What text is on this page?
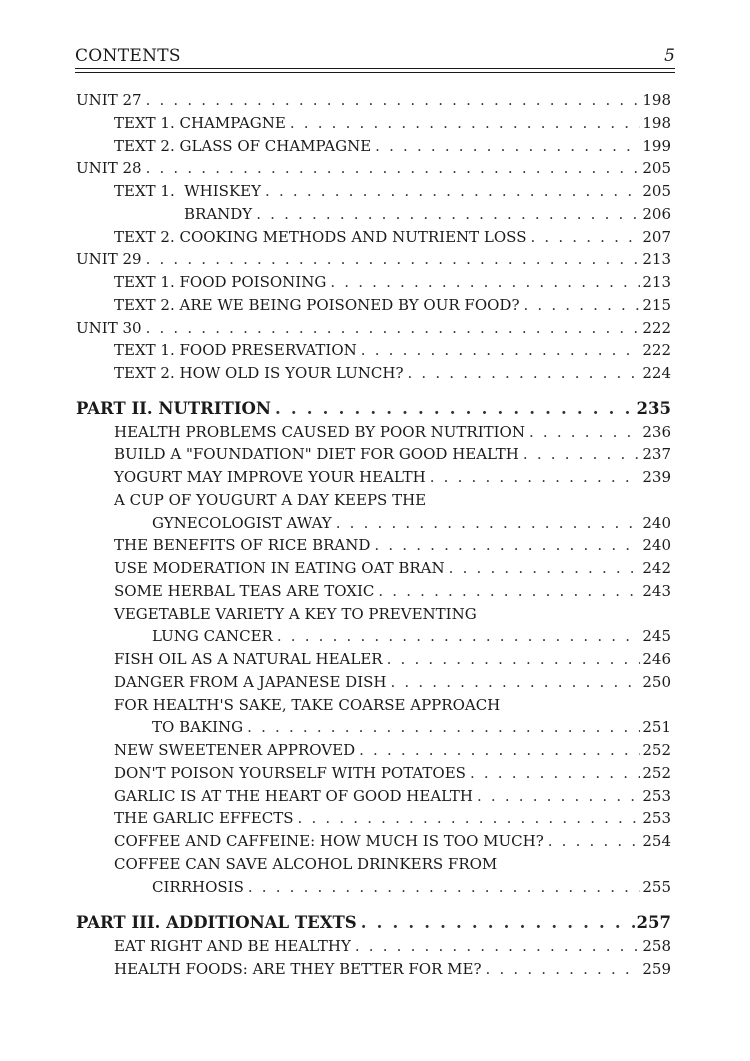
CONTENTS	5
UNIT 27 . . .	198
TEXT 1. CHAMPAGNE . . .	198
TEXT 2. GLASS OF CHAMPAGNE . . .	199
UNIT 28 . . .	205
TEXT 1.  WHISKEY . . .	205
BRANDY . . .	206
TEXT 2. COOKING METHODS AND NUTRIENT LOSS . . .	207
UNIT 29 . . .	213
TEXT 1. FOOD POISONING . . .	213
TEXT 2. ARE WE BEING POISONED BY OUR FOOD? . . .	215
UNIT 30 . . .	222
TEXT 1. FOOD PRESERVATION . . .	222
TEXT 2. HOW OLD IS YOUR LUNCH? . . .	224
PART II. NUTRITION . . .	235
HEALTH PROBLEMS CAUSED BY POOR NUTRITION . . .	236
BUILD A "FOUNDATION" DIET FOR GOOD HEALTH . . .	237
YOGURT MAY IMPROVE YOUR HEALTH . . .	239
A CUP OF YOUGURT A DAY KEEPS THE
GYNECOLOGIST AWAY . . .	240
THE BENEFITS OF RICE BRAND . . .	240
USE MODERATION IN EATING OAT BRAN . . .	242
SOME HERBAL TEAS ARE TOXIC . . .	243
VEGETABLE VARIETY A KEY TO PREVENTING
LUNG CANCER . . .	245
FISH OIL AS A NATURAL HEALER . . .	246
DANGER FROM A JAPANESE DISH . . .	250
FOR HEALTH'S SAKE, TAKE COARSE APPROACH
TO BAKING . . .	251
NEW SWEETENER APPROVED . . .	252
DON'T POISON YOURSELF WITH POTATOES . . .	252
GARLIC IS AT THE HEART OF GOOD HEALTH . . .	253
THE GARLIC EFFECTS . . .	253
COFFEE AND CAFFEINE: HOW MUCH IS TOO MUCH? . . .	254
COFFEE CAN SAVE ALCOHOL DRINKERS FROM
CIRRHOSIS . . .	255
PART III. ADDITIONAL TEXTS . . .	257
EAT RIGHT AND BE HEALTHY . . .	258
HEALTH FOODS: ARE THEY BETTER FOR ME? . . .	259
